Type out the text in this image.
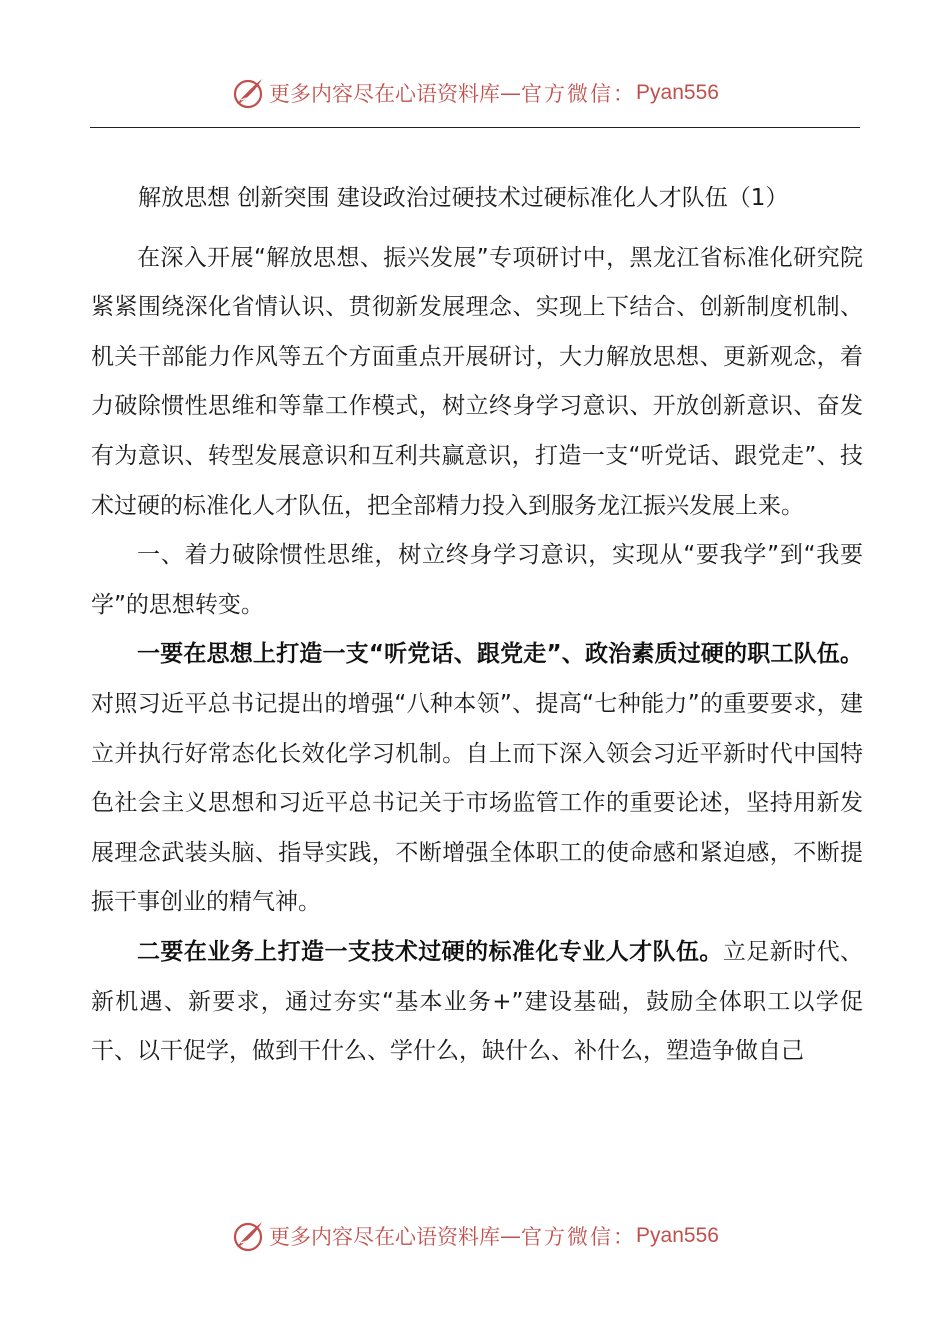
更多内容尽在心语资料库 — 官方微信： Pyan556

解放思想 创新突围 建设政治过硬技术过硬标准化人才队伍（1）

在深入开展“解放思想、振兴发展”专项研讨中，黑龙江省标准化研究院紧紧围绕深化省情认识、贯彻新发展理念、实现上下结合、创新制度机制、机关干部能力作风等五个方面重点开展研讨，大力解放思想、更新观念，着力破除惯性思维和等靠工作模式，树立终身学习意识、开放创新意识、奋发有为意识、转型发展意识和互利共赢意识，打造一支“听党话、跟党走”、技术过硬的标准化人才队伍，把全部精力投入到服务龙江振兴发展上来。

一、着力破除惯性思维，树立终身学习意识，实现从“要我学”到“我要学”的思想转变。

一要在思想上打造一支“听党话、跟党走”、政治素质过硬的职工队伍。对照习近平总书记提出的增强“八种本领”、提高“七种能力”的重要要求，建立并执行好常态化长效化学习机制。自上而下深入领会习近平新时代中国特色社会主义思想和习近平总书记关于市场监管工作的重要论述，坚持用新发展理念武装头脑、指导实践，不断增强全体职工的使命感和紧迫感，不断提振干事创业的精气神。

二要在业务上打造一支技术过硬的标准化专业人才队伍。立足新时代、新机遇、新要求，通过夯实“基本业务+”建设基础，鼓励全体职工以学促干、以干促学，做到干什么、学什么，缺什么、补什么，塑造争做自己

更多内容尽在心语资料库 — 官方微信： Pyan556
